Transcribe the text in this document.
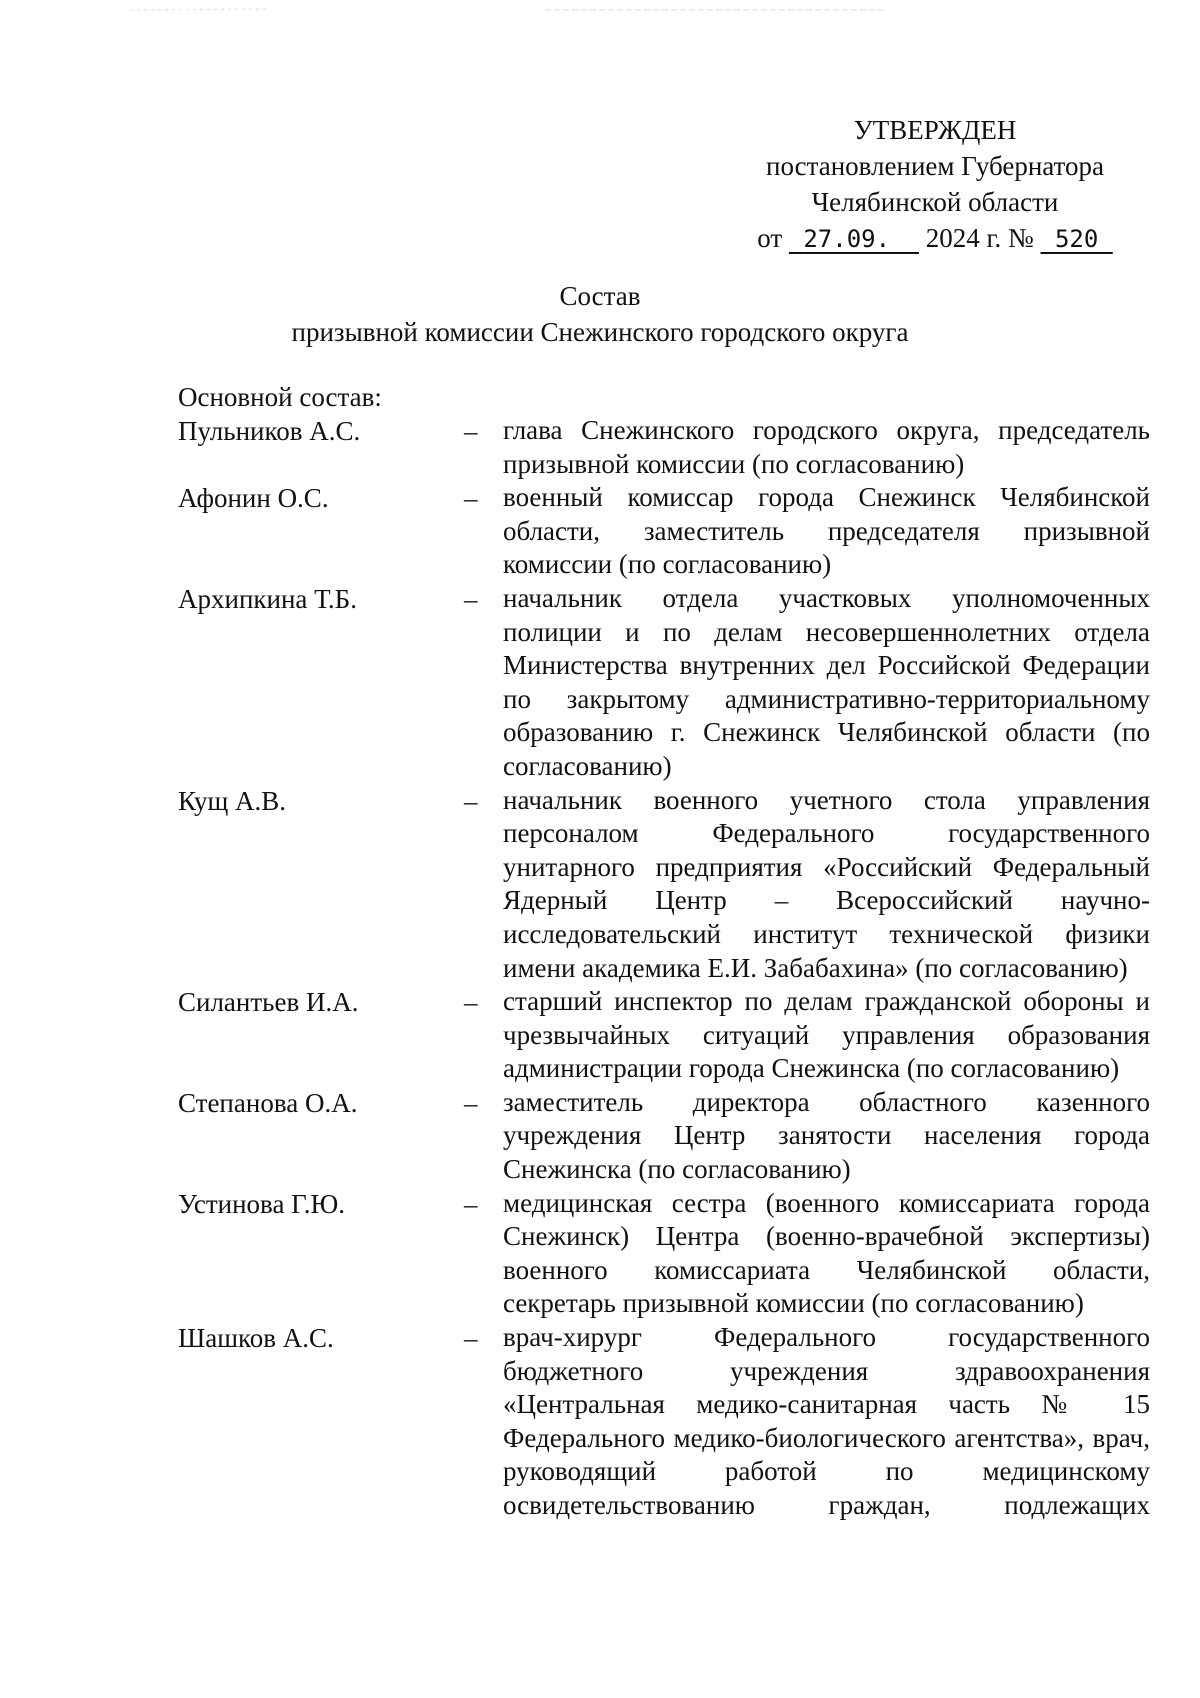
УТВЕРЖДЕН
постановлением Губернатора
Челябинской области
от 27.09. 2024 г. № 520
Состав
призывной комиссии Снежинского городского округа
Основной состав:
Пульников А.С.	– глава Снежинского городского округа, председатель призывной комиссии (по согласованию)
Афонин О.С.	– военный комиссар города Снежинск Челябинской области, заместитель председателя призывной комиссии (по согласованию)
Архипкина Т.Б.	– начальник отдела участковых уполномоченных полиции и по делам несовершеннолетних отдела Министерства внутренних дел Российской Федерации по закрытому административно-территориальному образованию г. Снежинск Челябинской области (по согласованию)
Кущ А.В.	– начальник военного учетного стола управления персоналом Федерального государственного унитарного предприятия «Российский Федеральный Ядерный Центр – Всероссийский научно-исследовательский институт технической физики имени академика Е.И. Забабахина» (по согласованию)
Силантьев И.А.	– старший инспектор по делам гражданской обороны и чрезвычайных ситуаций управления образования администрации города Снежинска (по согласованию)
Степанова О.А.	– заместитель директора областного казенного учреждения Центр занятости населения города Снежинска (по согласованию)
Устинова Г.Ю.	– медицинская сестра (военного комиссариата города Снежинск) Центра (военно-врачебной экспертизы) военного комиссариата Челябинской области, секретарь призывной комиссии (по согласованию)
Шашков А.С.	– врач-хирург Федерального государственного бюджетного учреждения здравоохранения «Центральная медико-санитарная часть № 15 Федерального медико-биологического агентства», врач, руководящий работой по медицинскому освидетельствованию граждан, подлежащих
